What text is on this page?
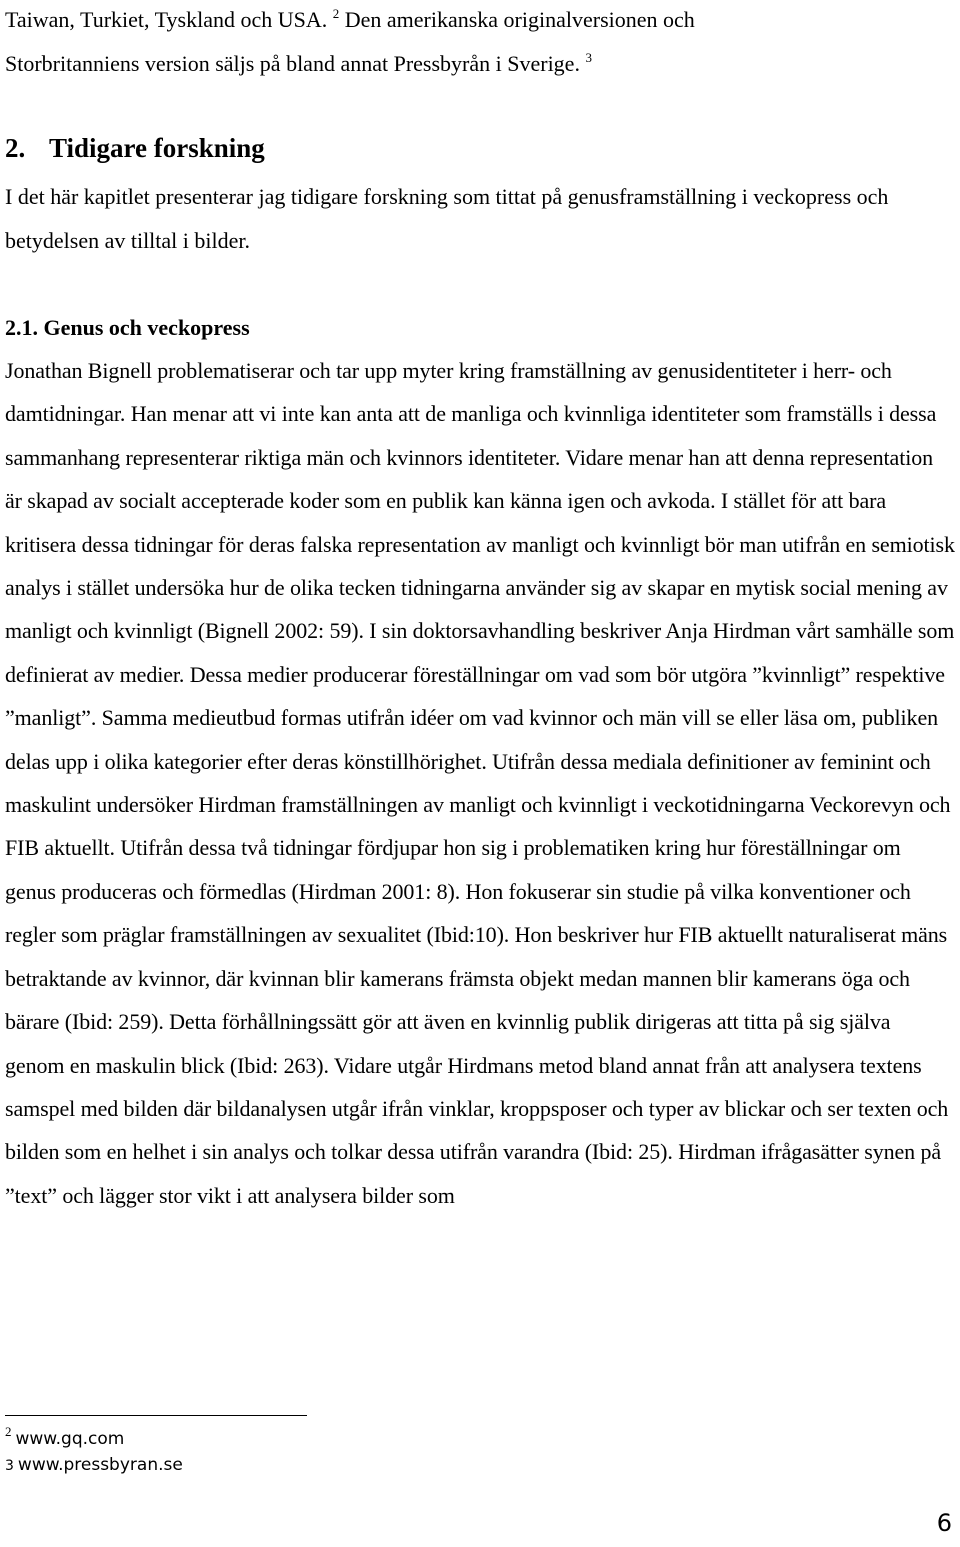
Taiwan, Turkiet, Tyskland och USA. $^2$ Den amerikanska originalversionen och
Storbritanniens version säljs på bland annat Pressbyrån i Sverige. $^3$

2. Tidigare forskning

I det här kapitlet presenterar jag tidigare forskning som tittat på genusframställning i veckopress och betydelsen av tilltal i bilder.

2.1. Genus och veckopress

Jonathan Bignell problematiserar och tar upp myter kring framställning av genusidentiteter i herr- och damtidningar. Han menar att vi inte kan anta att de manliga och kvinnliga identiteter som framställs i dessa sammanhang representerar riktiga män och kvinnors identiteter. Vidare menar han att denna representation är skapad av socialt accepterade koder som en publik kan känna igen och avkoda. I stället för att bara kritisera dessa tidningar för deras falska representation av manligt och kvinnligt bör man utifrån en semiotisk analys i stället undersöka hur de olika tecken tidningarna använder sig av skapar en mytisk social mening av manligt och kvinnligt (Bignell 2002: 59). I sin doktorsavhandling beskriver Anja Hirdman vårt samhälle som definierat av medier. Dessa medier producerar föreställningar om vad som bör utgöra ”kvinnligt” respektive ”manligt”. Samma medieutbud formas utifrån idéer om vad kvinnor och män vill se eller läsa om, publiken delas upp i olika kategorier efter deras könstillhörighet. Utifrån dessa mediala definitioner av feminint och maskulint undersöker Hirdman framställningen av manligt och kvinnligt i veckotidningarna Veckorevyn och FIB aktuellt. Utifrån dessa två tidningar fördjupar hon sig i problematiken kring hur föreställningar om genus produceras och förmedlas (Hirdman 2001: 8). Hon fokuserar sin studie på vilka konventioner och regler som präglar framställningen av sexualitet (Ibid:10). Hon beskriver hur FIB aktuellt naturaliserat mäns betraktande av kvinnor, där kvinnan blir kamerans främsta objekt medan mannen blir kamerans öga och bärare (Ibid: 259). Detta förhållningssätt gör att även en kvinnlig publik dirigeras att titta på sig själva genom en maskulin blick (Ibid: 263). Vidare utgår Hirdmans metod bland annat från att analysera textens samspel med bilden där bildanalysen utgår ifrån vinklar, kroppsposer och typer av blickar och ser texten och bilden som en helhet i sin analys och tolkar dessa utifrån varandra (Ibid: 25). Hirdman ifrågasätter synen på ”text” och lägger stor vikt i att analysera bilder som

$^2$ www.gq.com
3 www.pressbyran.se
6
